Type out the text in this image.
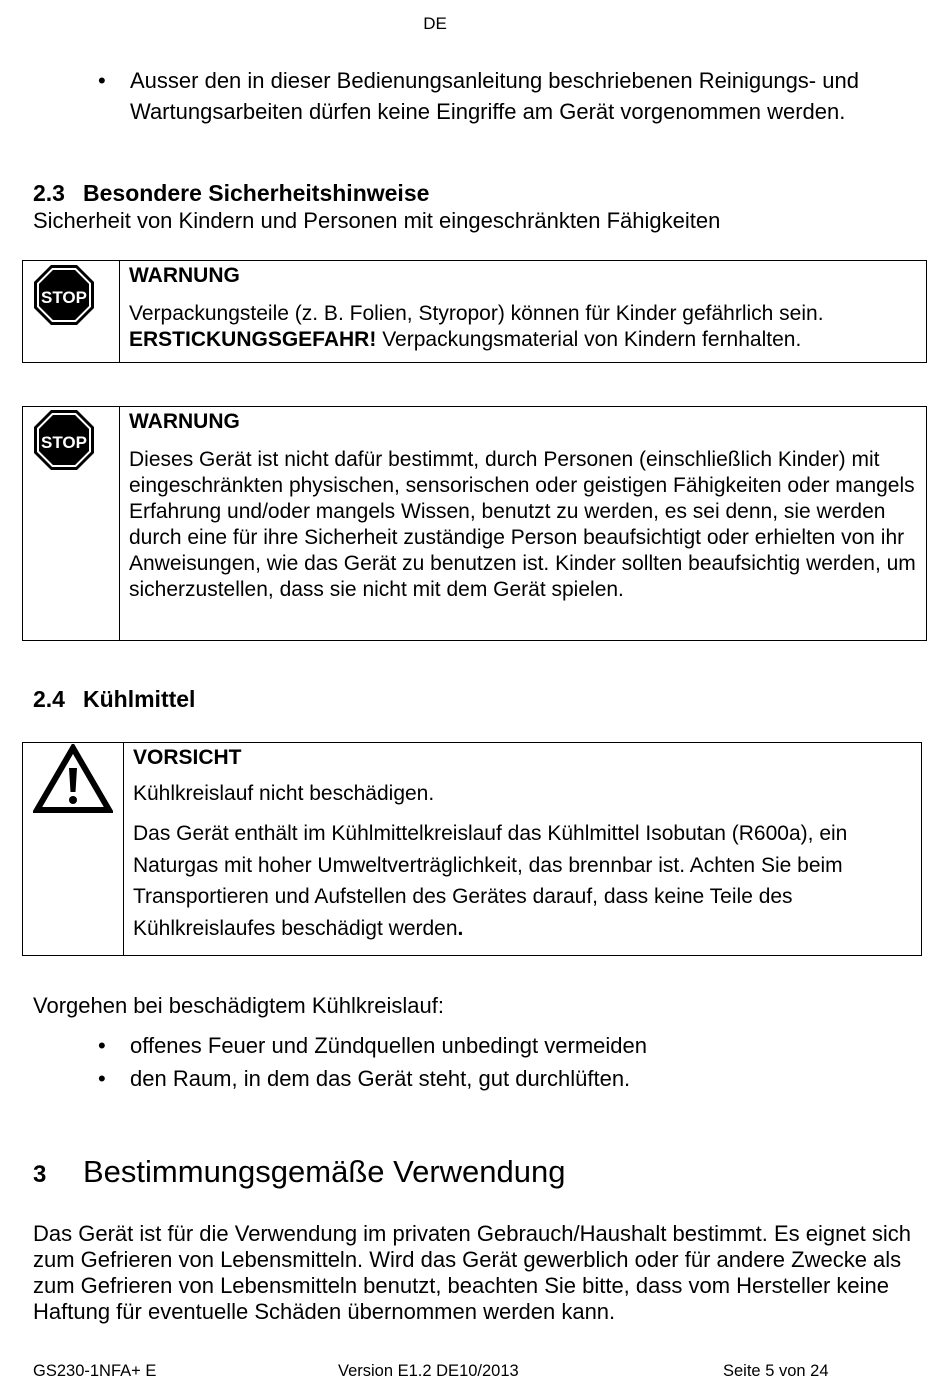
DE
• Ausser den in dieser Bedienungsanleitung beschriebenen Reinigungs- und Wartungsarbeiten dürfen keine Eingriffe am Gerät vorgenommen werden.
2.3 Besondere Sicherheitshinweise
Sicherheit von Kindern und Personen mit eingeschränkten Fähigkeiten
STOP
WARNUNG
Verpackungsteile (z. B. Folien, Styropor) können für Kinder gefährlich sein.
ERSTICKUNGSGEFAHR! Verpackungsmaterial von Kindern fernhalten.
STOP
WARNUNG
Dieses Gerät ist nicht dafür bestimmt, durch Personen (einschließlich Kinder) mit eingeschränkten physischen, sensorischen oder geistigen Fähigkeiten oder mangels Erfahrung und/oder mangels Wissen, benutzt zu werden, es sei denn, sie werden durch eine für ihre Sicherheit zuständige Person beaufsichtigt oder erhielten von ihr Anweisungen, wie das Gerät zu benutzen ist. Kinder sollten beaufsichtig werden, um sicherzustellen, dass sie nicht mit dem Gerät spielen.
2.4 Kühlmittel
VORSICHT
Kühlkreislauf nicht beschädigen.
Das Gerät enthält im Kühlmittelkreislauf das Kühlmittel Isobutan (R600a), ein Naturgas mit hoher Umweltverträglichkeit, das brennbar ist. Achten Sie beim Transportieren und Aufstellen des Gerätes darauf, dass keine Teile des Kühlkreislaufes beschädigt werden.
Vorgehen bei beschädigtem Kühlkreislauf:
• offenes Feuer und Zündquellen unbedingt vermeiden
• den Raum, in dem das Gerät steht, gut durchlüften.
3 Bestimmungsgemäße Verwendung
Das Gerät ist für die Verwendung im privaten Gebrauch/Haushalt bestimmt. Es eignet sich zum Gefrieren von Lebensmitteln. Wird das Gerät gewerblich oder für andere Zwecke als zum Gefrieren von Lebensmitteln benutzt, beachten Sie bitte, dass vom Hersteller keine Haftung für eventuelle Schäden übernommen werden kann.
GS230-1NFA+ E	Version E1.2 DE10/2013	Seite 5 von 24
